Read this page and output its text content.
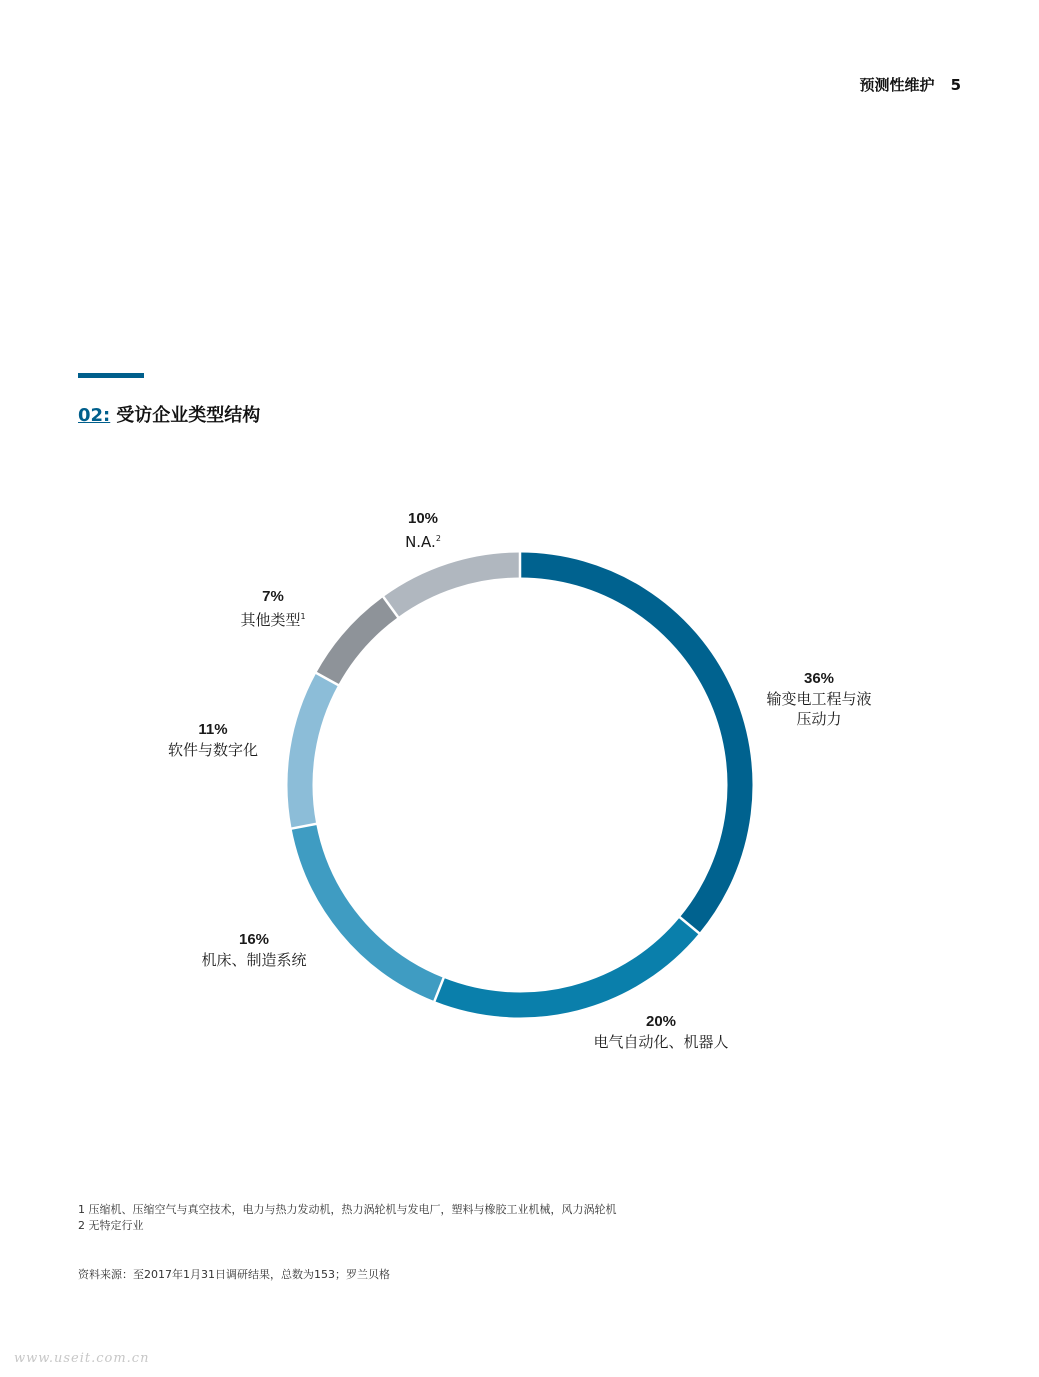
预测性维护 5
02: 受访企业类型结构
36%
输变电工程与液
压动力
20%
电气自动化、机器人
16%
机床、制造系统
11%
软件与数字化
7%
其他类型$^1$
10%
N.A.$^2$
1 压缩机、压缩空气与真空技术，电力与热力发动机，热力涡轮机与发电厂，塑料与橡胶工业机械，风力涡轮机
2 无特定行业
资料来源：至2017年1月31日调研结果，总数为153；罗兰贝格
www.useit.com.cn
